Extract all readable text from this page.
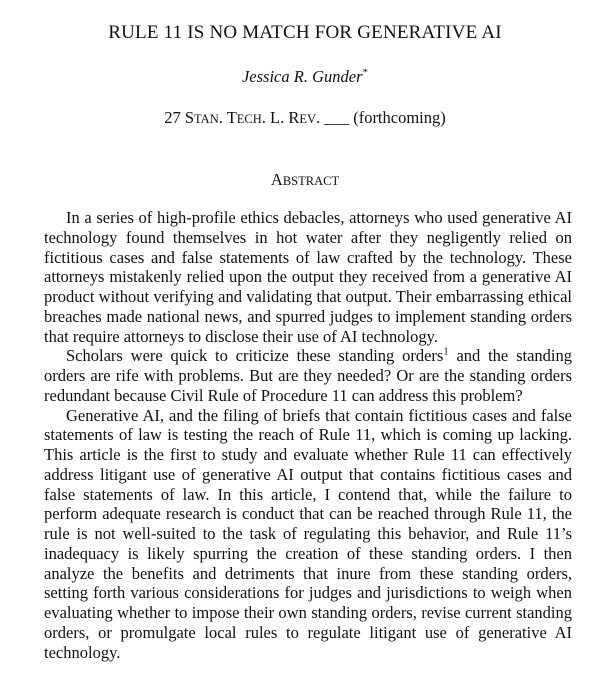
RULE 11 IS NO MATCH FOR GENERATIVE AI
Jessica R. Gunder*
27 STAN. TECH. L. REV. ___ (forthcoming)
ABSTRACT

In a series of high-profile ethics debacles, attorneys who used generative AI technology found themselves in hot water after they negligently relied on fictitious cases and false statements of law crafted by the technology. These attorneys mistakenly relied upon the output they received from a generative AI product without verifying and validating that output. Their embarrassing ethical breaches made national news, and spurred judges to implement standing orders that require attorneys to disclose their use of AI technology.

Scholars were quick to criticize these standing orders$^1$ and the standing orders are rife with problems. But are they needed? Or are the standing orders redundant because Civil Rule of Procedure 11 can address this problem?

Generative AI, and the filing of briefs that contain fictitious cases and false statements of law is testing the reach of Rule 11, which is coming up lacking. This article is the first to study and evaluate whether Rule 11 can effectively address litigant use of generative AI output that contains fictitious cases and false statements of law. In this article, I contend that, while the failure to perform adequate research is conduct that can be reached through Rule 11, the rule is not well-suited to the task of regulating this behavior, and Rule 11’s inadequacy is likely spurring the creation of these standing orders. I then analyze the benefits and detriments that inure from these standing orders, setting forth various considerations for judges and jurisdictions to weigh when evaluating whether to impose their own standing orders, revise current standing orders, or promulgate local rules to regulate litigant use of generative AI technology.
